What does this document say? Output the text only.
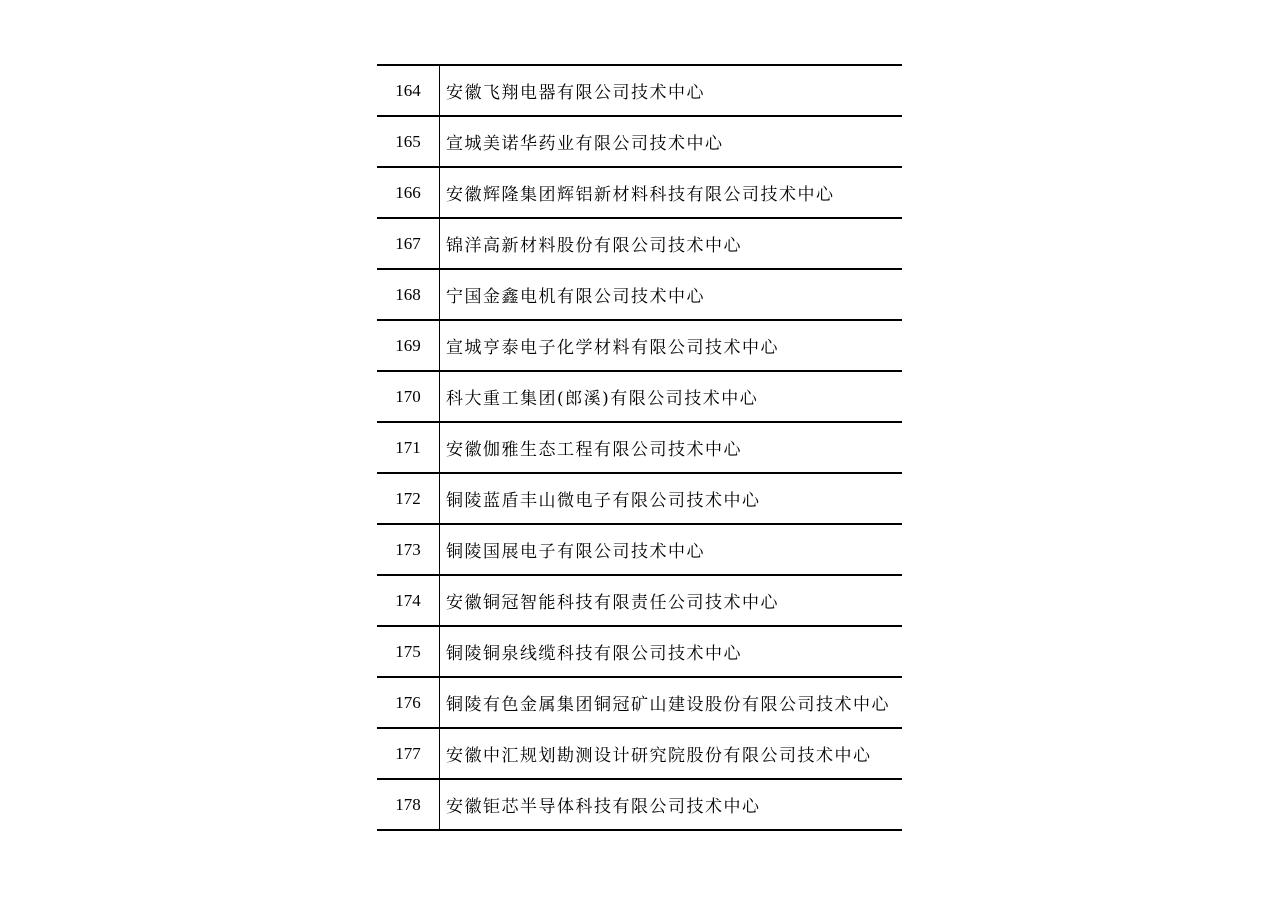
164	安徽飞翔电器有限公司技术中心
165	宣城美诺华药业有限公司技术中心
166	安徽辉隆集团辉铝新材料科技有限公司技术中心
167	锦洋高新材料股份有限公司技术中心
168	宁国金鑫电机有限公司技术中心
169	宣城亨泰电子化学材料有限公司技术中心
170	科大重工集团(郎溪)有限公司技术中心
171	安徽伽雅生态工程有限公司技术中心
172	铜陵蓝盾丰山微电子有限公司技术中心
173	铜陵国展电子有限公司技术中心
174	安徽铜冠智能科技有限责任公司技术中心
175	铜陵铜泉线缆科技有限公司技术中心
176	铜陵有色金属集团铜冠矿山建设股份有限公司技术中心
177	安徽中汇规划勘测设计研究院股份有限公司技术中心
178	安徽钜芯半导体科技有限公司技术中心
